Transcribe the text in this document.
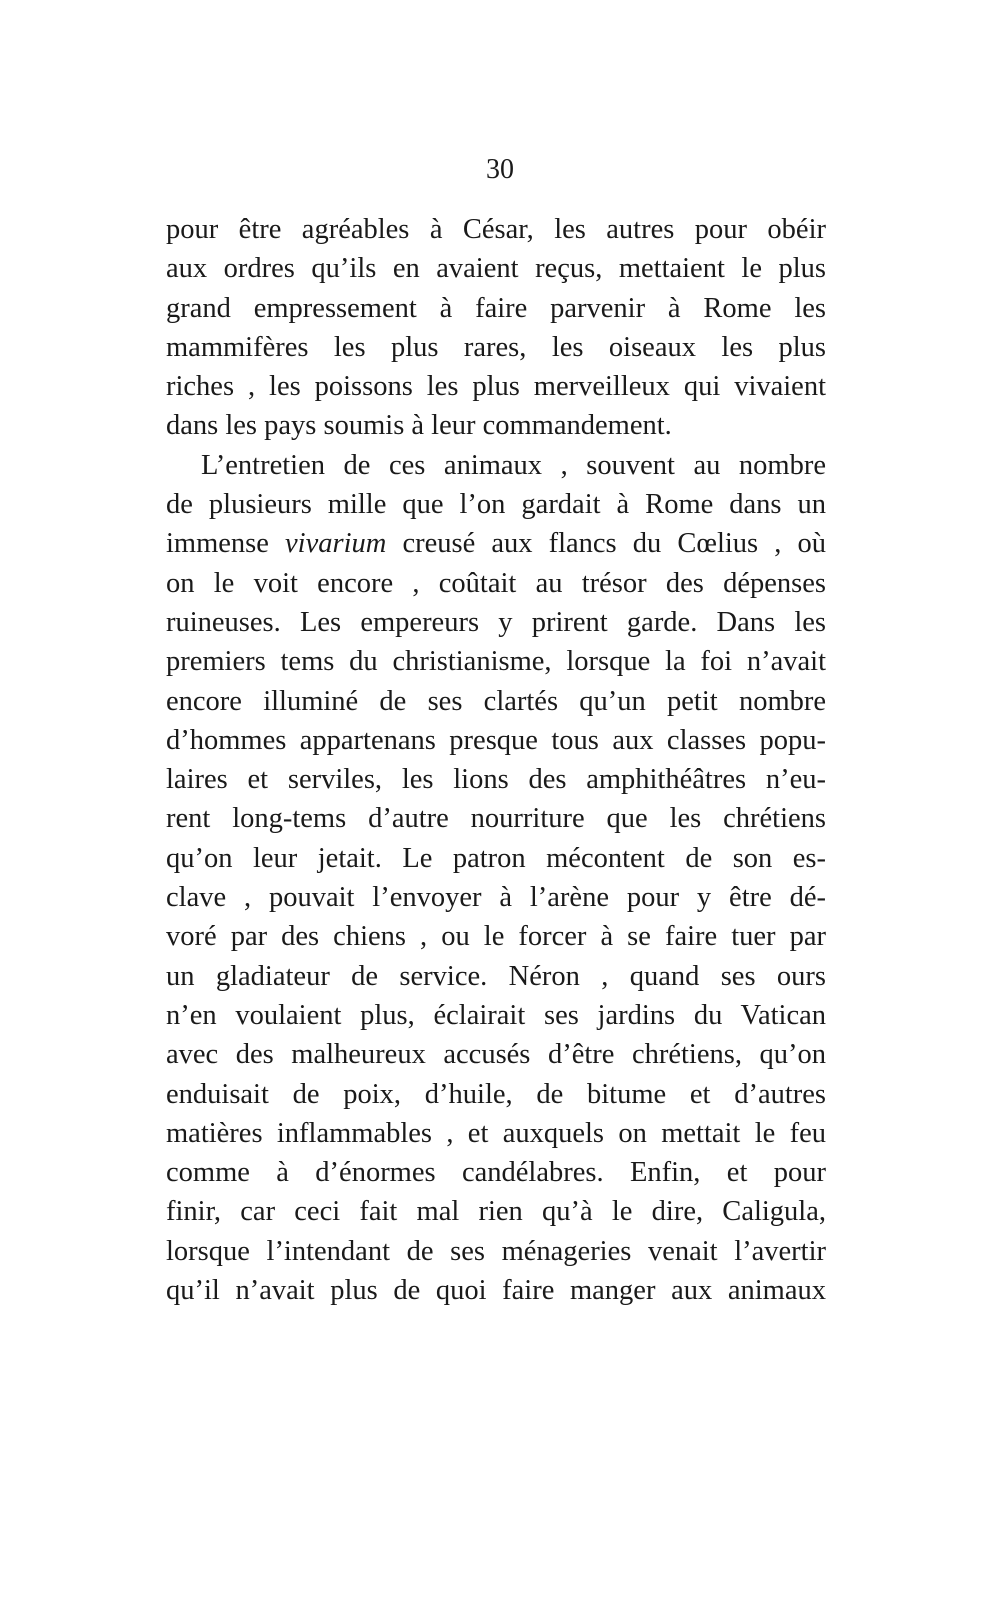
30
pour être agréables à César, les autres pour obéir
aux ordres qu’ils en avaient reçus, mettaient le plus
grand empressement à faire parvenir à Rome les
mammifères les plus rares, les oiseaux les plus
riches , les poissons les plus merveilleux qui vivaient
dans les pays soumis à leur commandement.
L’entretien de ces animaux , souvent au nombre
de plusieurs mille que l’on gardait à Rome dans un
immense vivarium creusé aux flancs du Cœlius , où
on le voit encore , coûtait au trésor des dépenses
ruineuses. Les empereurs y prirent garde. Dans les
premiers tems du christianisme, lorsque la foi n’avait
encore illuminé de ses clartés qu’un petit nombre
d’hommes appartenans presque tous aux classes popu-
laires et serviles, les lions des amphithéâtres n’eu-
rent long-tems d’autre nourriture que les chrétiens
qu’on leur jetait. Le patron mécontent de son es-
clave , pouvait l’envoyer à l’arène pour y être dé-
voré par des chiens , ou le forcer à se faire tuer par
un gladiateur de service. Néron , quand ses ours
n’en voulaient plus, éclairait ses jardins du Vatican
avec des malheureux accusés d’être chrétiens, qu’on
enduisait de poix, d’huile, de bitume et d’autres
matières inflammables , et auxquels on mettait le feu
comme à d’énormes candélabres. Enfin, et pour
finir, car ceci fait mal rien qu’à le dire, Caligula,
lorsque l’intendant de ses ménageries venait l’avertir
qu’il n’avait plus de quoi faire manger aux animaux
